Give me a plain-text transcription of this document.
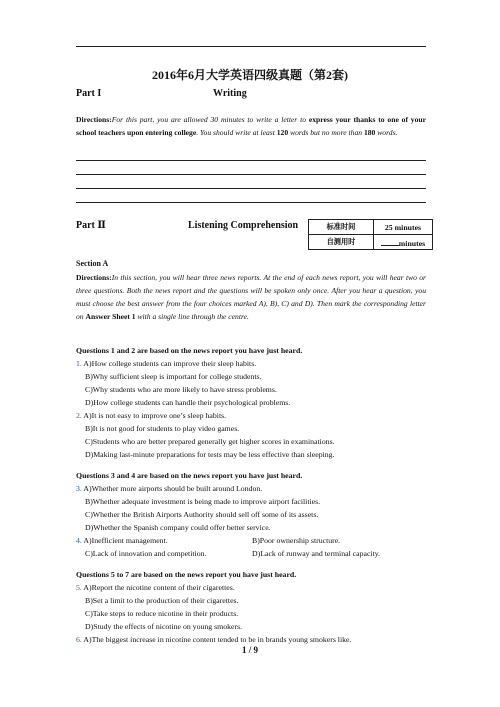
2016年6月大学英语四级真题（第2套)
Part I	Writing
Directions:For this part, you are allowed 30 minutes to write a letter to express your thanks to one of your school teachers upon entering college. You should write at least 120 words but no more than 180 words.
Part Ⅱ	Listening Comprehension	标准时间	25 minutes
自测用时	minutes
Section A
Directions:In this section, you will hear three news reports. At the end of each news report, you will hear two or three questions. Both the news report and the questions will be spoken only once. After you hear a question, you must choose the best answer from the four choices marked A), B), C) and D). Then mark the corresponding letter on Answer Sheet 1 with a single line through the centre.
Questions 1 and 2 are based on the news report you have just heard.
1. A)How college students can improve their sleep habits.
B)Why sufficient sleep is important for college students.
C)Why students who are more likely to have stress problems.
D)How college students can handle their psychological problems.
2. A)It is not easy to improve one’s sleep habits.
B)It is not good for students to play video games.
C)Students who are better prepared generally get higher scores in examinations.
D)Making last-minute preparations for tests may be less effective than sleeping.
Questions 3 and 4 are based on the news report you have just heard.
3. A)Whether more airports should be built around London.
B)Whether adequate investment is being made to improve airport facilities.
C)Whether the British Airports Authority should sell off some of its assets.
D)Whether the Spanish company could offer better service.
4. A)Inefficient management.	B)Poor ownership structure.
C)Lack of innovation and competition.	D)Lack of runway and terminal capacity.
Questions 5 to 7 are based on the news report you have just heard.
5. A)Report the nicotine content of their cigarettes.
B)Set a limit to the production of their cigarettes.
C)Take steps to reduce nicotine in their products.
D)Study the effects of nicotine on young smokers.
6. A)The biggest increase in nicotine content tended to be in brands young smokers like.
1 / 9
